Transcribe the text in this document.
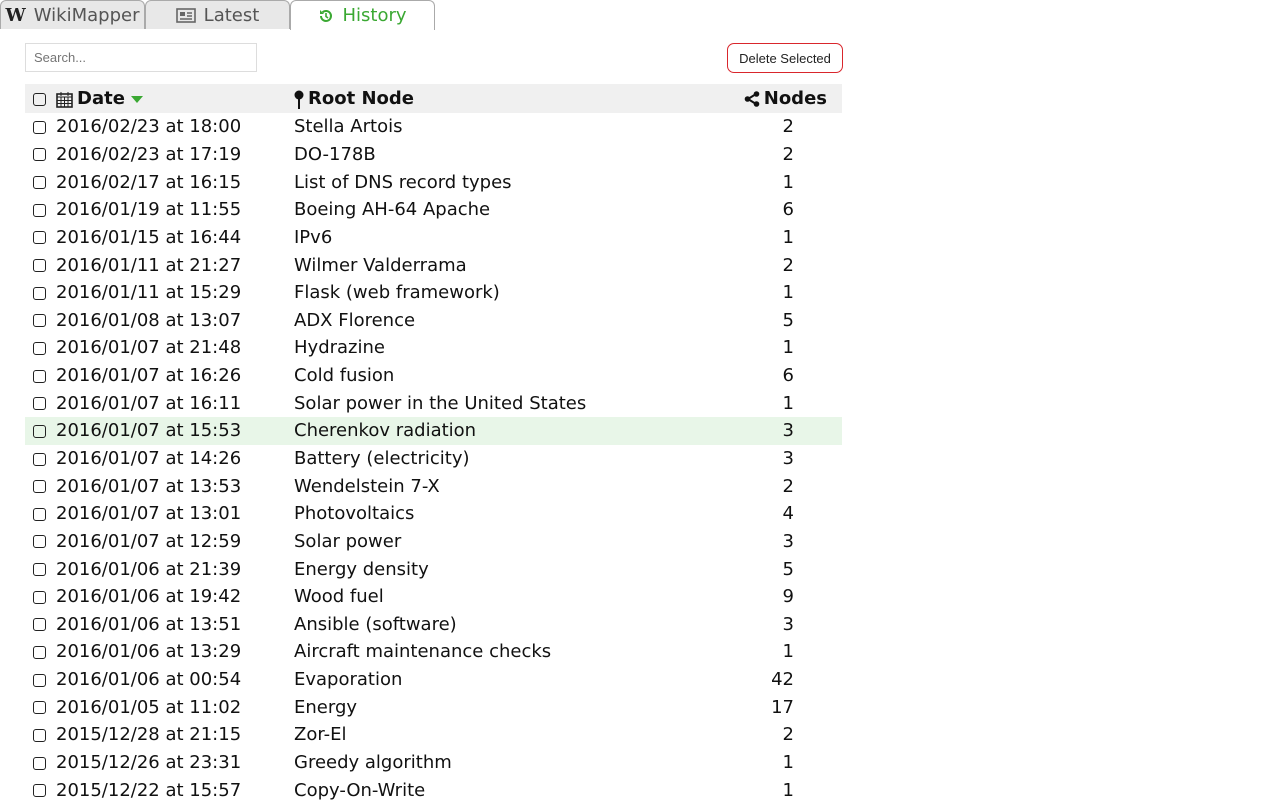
W WikiMapper	Latest	History
Search...
Delete Selected
	Date	Root Node	Nodes
	2016/02/23 at 18:00	Stella Artois	2
	2016/02/23 at 17:19	DO-178B	2
	2016/02/17 at 16:15	List of DNS record types	1
	2016/01/19 at 11:55	Boeing AH-64 Apache	6
	2016/01/15 at 16:44	IPv6	1
	2016/01/11 at 21:27	Wilmer Valderrama	2
	2016/01/11 at 15:29	Flask (web framework)	1
	2016/01/08 at 13:07	ADX Florence	5
	2016/01/07 at 21:48	Hydrazine	1
	2016/01/07 at 16:26	Cold fusion	6
	2016/01/07 at 16:11	Solar power in the United States	1
	2016/01/07 at 15:53	Cherenkov radiation	3
	2016/01/07 at 14:26	Battery (electricity)	3
	2016/01/07 at 13:53	Wendelstein 7-X	2
	2016/01/07 at 13:01	Photovoltaics	4
	2016/01/07 at 12:59	Solar power	3
	2016/01/06 at 21:39	Energy density	5
	2016/01/06 at 19:42	Wood fuel	9
	2016/01/06 at 13:51	Ansible (software)	3
	2016/01/06 at 13:29	Aircraft maintenance checks	1
	2016/01/06 at 00:54	Evaporation	42
	2016/01/05 at 11:02	Energy	17
	2015/12/28 at 21:15	Zor-El	2
	2015/12/26 at 23:31	Greedy algorithm	1
	2015/12/22 at 15:57	Copy-On-Write	1
